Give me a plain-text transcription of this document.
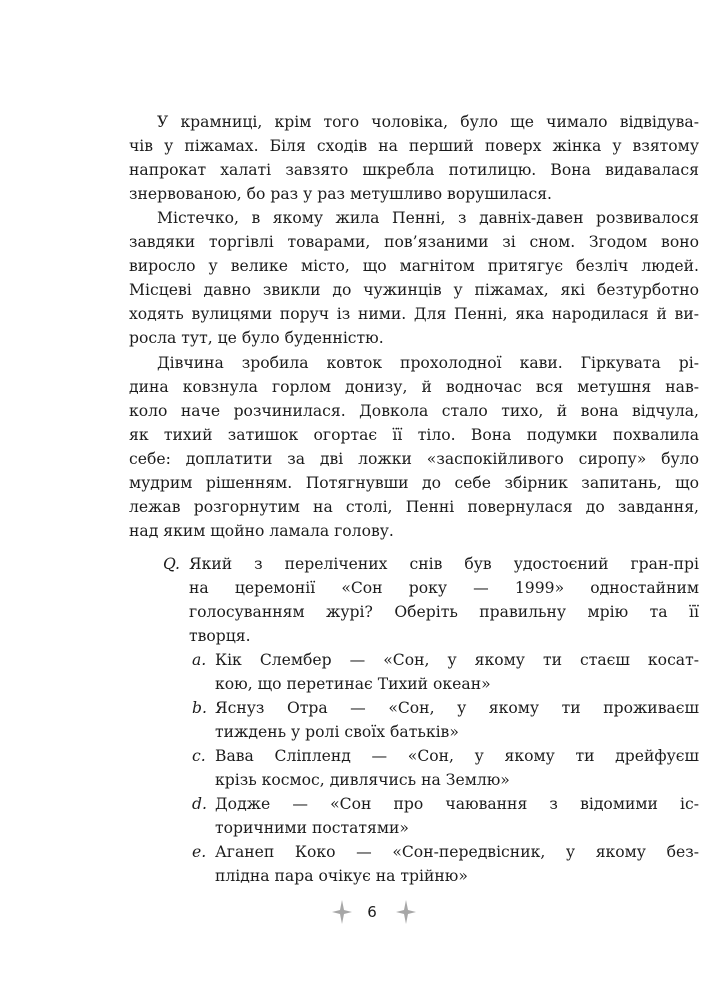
У крамниці, крім того чоловіка, було ще чимало відвідува-
чів у піжамах. Біля сходів на перший поверх жінка у взятому
напрокат халаті завзято шкребла потилицю. Вона видавалася
знервованою, бо раз у раз метушливо ворушилася.
Містечко, в якому жила Пенні, з давніх-давен розвивалося
завдяки торгівлі товарами, пов’язаними зі сном. Згодом воно
виросло у велике місто, що магнітом притягує безліч людей.
Місцеві давно звикли до чужинців у піжамах, які безтурботно
ходять вулицями поруч із ними. Для Пенні, яка народилася й ви-
росла тут, це було буденністю.
Дівчина зробила ковток прохолодної кави. Гіркувата рі-
дина ковзнула горлом донизу, й водночас вся метушня нав-
коло наче розчинилася. Довкола стало тихо, й вона відчула,
як тихий затишок огортає її тіло. Вона подумки похвалила
себе: доплатити за дві ложки «заспокійливого сиропу» було
мудрим рішенням. Потягнувши до себе збірник запитань, що
лежав розгорнутим на столі, Пенні повернулася до завдання,
над яким щойно ламала голову.
Q. Який з перелічених снів був удостоєний гран-прі
на церемонії «Сон року — 1999» одностайним
голосуванням журі? Оберіть правильну мрію та її
творця.
a. Кік Слембер — «Сон, у якому ти стаєш косат-
кою, що перетинає Тихий океан»
b. Яснуз Отра — «Сон, у якому ти проживаєш
тиждень у ролі своїх батьків»
c. Вава Сліпленд — «Сон, у якому ти дрейфуєш
крізь космос, дивлячись на Землю»
d. Додже — «Сон про чаювання з відомими іс-
торичними постатями»
e. Аганеп Коко — «Сон-передвісник, у якому без-
плідна пара очікує на трійню»
6
